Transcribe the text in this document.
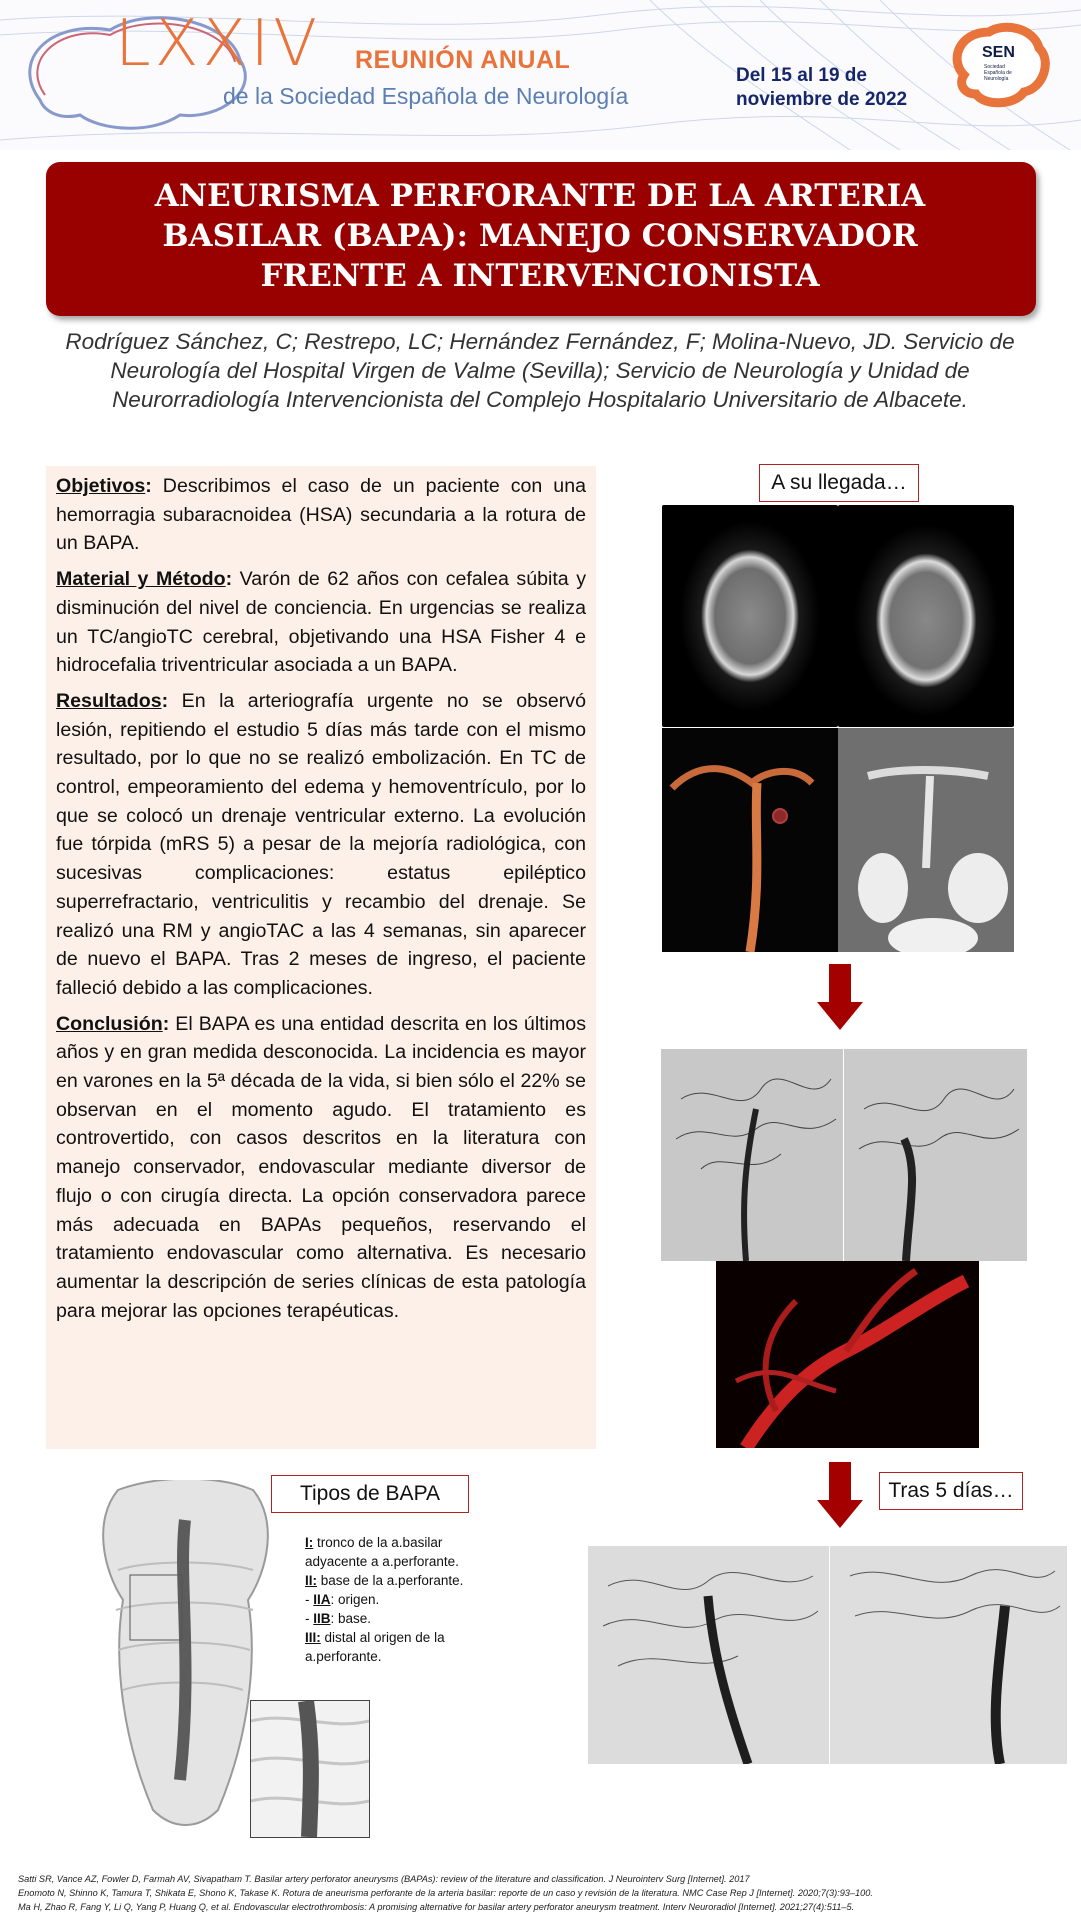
LXXIV REUNIÓN ANUAL
de la Sociedad Española de Neurología
Del 15 al 19 de
noviembre de 2022
SEN
Sociedad Española de Neurología
ANEURISMA PERFORANTE DE LA ARTERIA BASILAR (BAPA): MANEJO CONSERVADOR FRENTE A INTERVENCIONISTA
Rodríguez Sánchez, C; Restrepo, LC; Hernández Fernández, F; Molina-Nuevo, JD. Servicio de Neurología del Hospital Virgen de Valme (Sevilla); Servicio de Neurología y Unidad de Neurorradiología Intervencionista del Complejo Hospitalario Universitario de Albacete.

Objetivos: Describimos el caso de un paciente con una hemorragia subaracnoidea (HSA) secundaria a la rotura de un BAPA.

Material y Método: Varón de 62 años con cefalea súbita y disminución del nivel de conciencia. En urgencias se realiza un TC/angioTC cerebral, objetivando una HSA Fisher 4 e hidrocefalia triventricular asociada a un BAPA.

Resultados: En la arteriografía urgente no se observó lesión, repitiendo el estudio 5 días más tarde con el mismo resultado, por lo que no se realizó embolización. En TC de control, empeoramiento del edema y hemoventrículo, por lo que se colocó un drenaje ventricular externo. La evolución fue tórpida (mRS 5) a pesar de la mejoría radiológica, con sucesivas complicaciones: estatus epiléptico superrefractario, ventriculitis y recambio del drenaje. Se realizó una RM y angioTAC a las 4 semanas, sin aparecer de nuevo el BAPA. Tras 2 meses de ingreso, el paciente falleció debido a las complicaciones.

Conclusión: El BAPA es una entidad descrita en los últimos años y en gran medida desconocida. La incidencia es mayor en varones en la 5ª década de la vida, si bien sólo el 22% se observan en el momento agudo. El tratamiento es controvertido, con casos descritos en la literatura con manejo conservador, endovascular mediante diversor de flujo o con cirugía directa. La opción conservadora parece más adecuada en BAPAs pequeños, reservando el tratamiento endovascular como alternativa. Es necesario aumentar la descripción de series clínicas de esta patología para mejorar las opciones terapéuticas.

A su llegada…
Tipos de BAPA
I: tronco de la a.basilar adyacente a a.perforante.
II: base de la a.perforante.
- IIA: origen.
- IIB: base.
III: distal al origen de la a.perforante.
Tras 5 días…
Satti SR, Vance AZ, Fowler D, Farmah AV, Sivapatham T. Basilar artery perforator aneurysms (BAPAs): review of the literature and classification. J Neurointerv Surg [Internet]. 2017
Enomoto N, Shinno K, Tamura T, Shikata E, Shono K, Takase K. Rotura de aneurisma perforante de la arteria basilar: reporte de un caso y revisión de la literatura. NMC Case Rep J [Internet]. 2020;7(3):93–100.
Ma H, Zhao R, Fang Y, Li Q, Yang P, Huang Q, et al. Endovascular electrothrombosis: A promising alternative for basilar artery perforator aneurysm treatment. Interv Neuroradiol [Internet]. 2021;27(4):511–5.
